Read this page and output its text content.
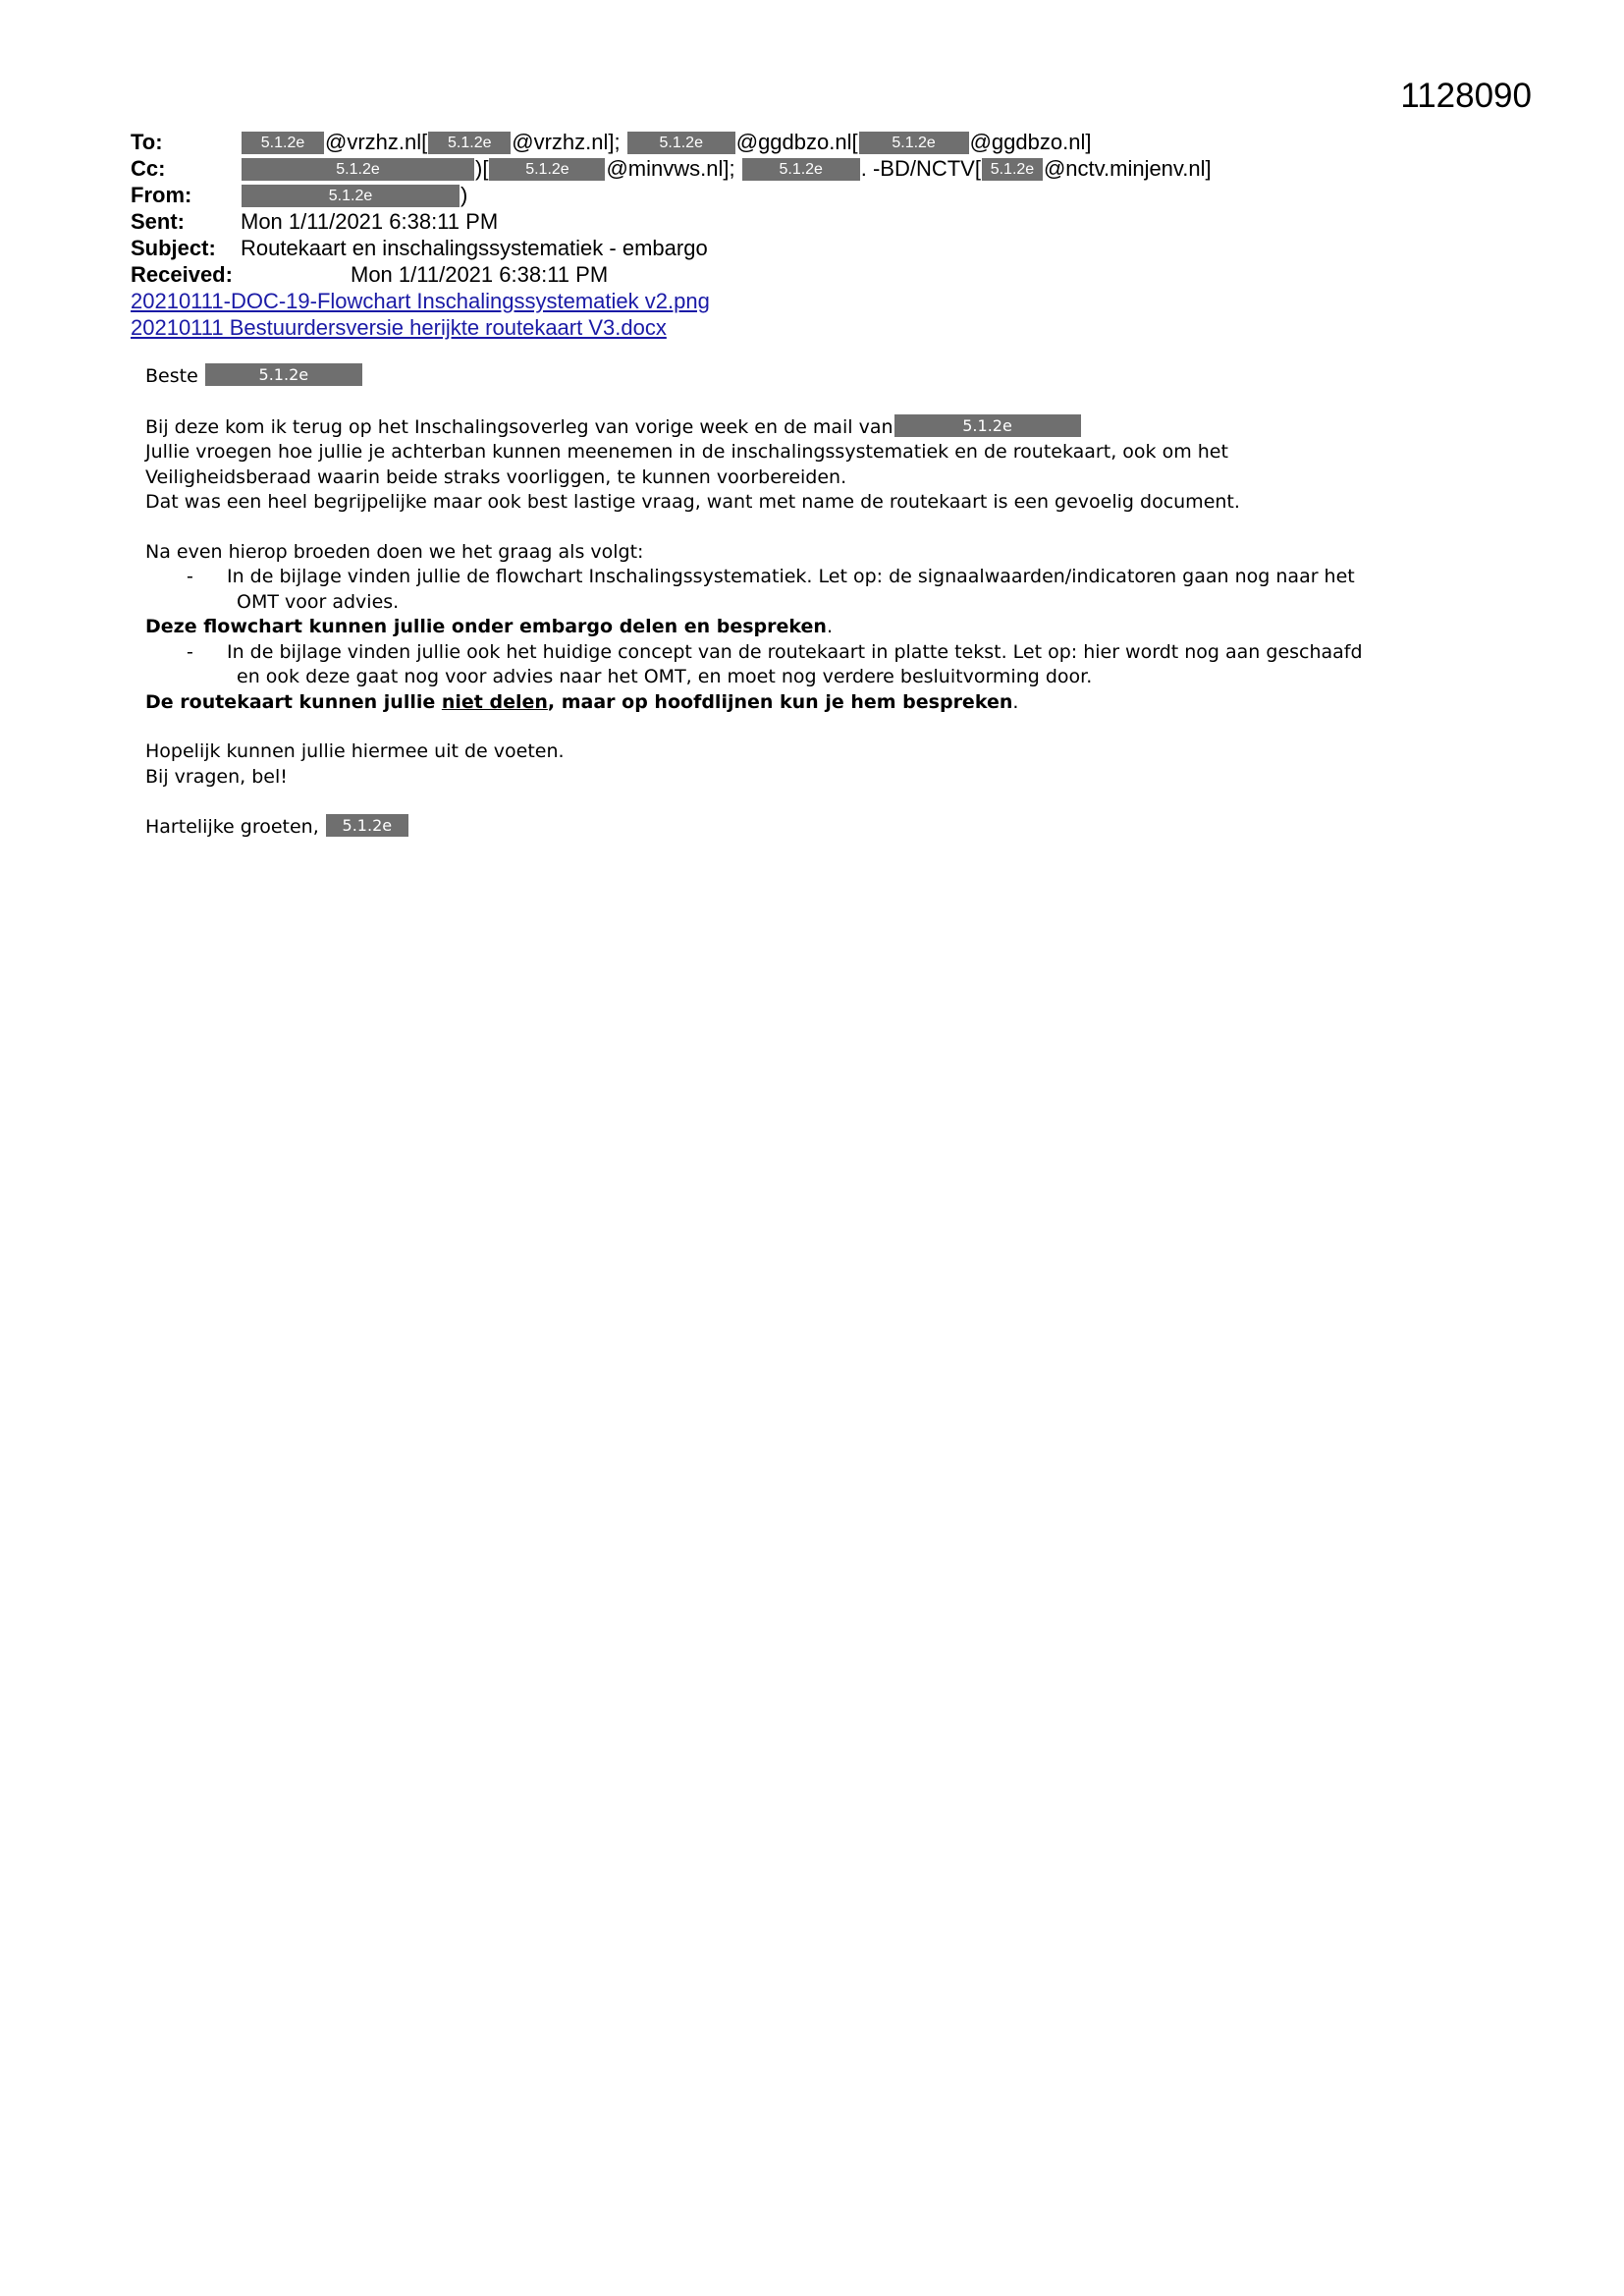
1128090
To:	5.1.2e @vrzhz.nl[ 5.1.2e @vrzhz.nl]; 5.1.2e @ggdbzo.nl[ 5.1.2e @ggdbzo.nl]
Cc:	5.1.2e	)[ 5.1.2e @minvws.nl];	5.1.2e . -BD/NCTV[ 5.1.2e @nctv.minjenv.nl]
From:	5.1.2e	)
Sent:	Mon 1/11/2021 6:38:11 PM
Subject: Routekaart en inschalingssystematiek - embargo
Received:	Mon 1/11/2021 6:38:11 PM
20210111-DOC-19-Flowchart Inschalingssystematiek v2.png
20210111 Bestuurdersversie herijkte routekaart V3.docx

Beste	5.1.2e

Bij deze kom ik terug op het Inschalingsoverleg van vorige week en de mail van	5.1.2e

Jullie vroegen hoe jullie je achterban kunnen meenemen in de inschalingssystematiek en de routekaart, ook om het

Veiligheidsberaad waarin beide straks voorliggen, te kunnen voorbereiden.

Dat was een heel begrijpelijke maar ook best lastige vraag, want met name de routekaart is een gevoelig document.

Na even hierop broeden doen we het graag als volgt:

- In de bijlage vinden jullie de flowchart Inschalingssystematiek. Let op: de signaalwaarden/indicatoren gaan nog naar het

OMT voor advies.

Deze flowchart kunnen jullie onder embargo delen en bespreken.

- In de bijlage vinden jullie ook het huidige concept van de routekaart in platte tekst. Let op: hier wordt nog aan geschaafd

en ook deze gaat nog voor advies naar het OMT, en moet nog verdere besluitvorming door.

De routekaart kunnen jullie niet delen, maar op hoofdlijnen kun je hem bespreken.

Hopelijk kunnen jullie hiermee uit de voeten.

Bij vragen, bel!

Hartelijke groeten, 5.1.2e
